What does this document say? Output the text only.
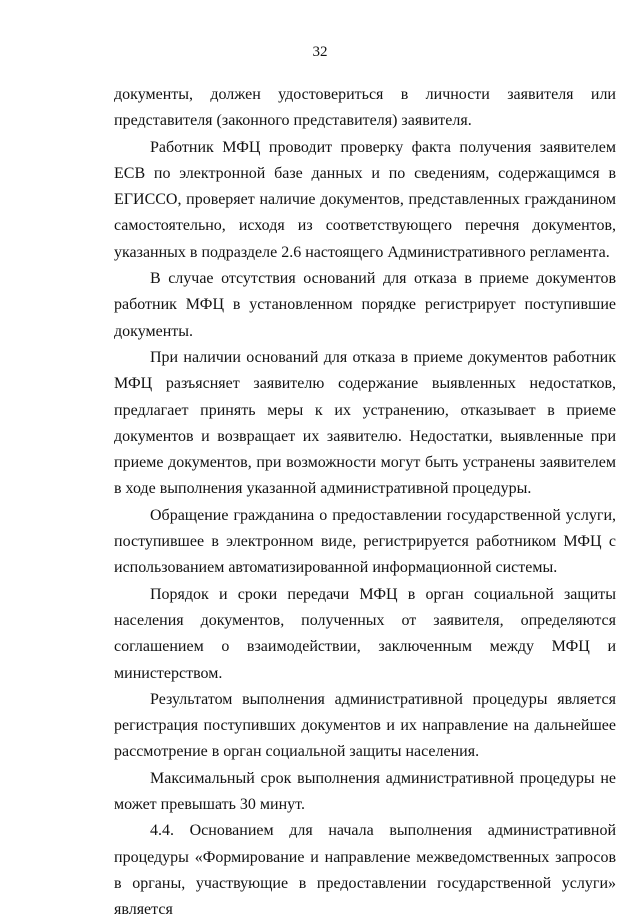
32

документы, должен удостовериться в личности заявителя или представителя (законного представителя) заявителя.

Работник МФЦ проводит проверку факта получения заявителем ЕСВ по электронной базе данных и по сведениям, содержащимся в ЕГИССО, проверяет наличие документов, представленных гражданином самостоятельно, исходя из соответствующего перечня документов, указанных в подразделе 2.6 настоящего Административного регламента.

В случае отсутствия оснований для отказа в приеме документов работник МФЦ в установленном порядке регистрирует поступившие документы.

При наличии оснований для отказа в приеме документов работник МФЦ разъясняет заявителю содержание выявленных недостатков, предлагает принять меры к их устранению, отказывает в приеме документов и возвращает их заявителю. Недостатки, выявленные при приеме документов, при возможности могут быть устранены заявителем в ходе выполнения указанной административной процедуры.

Обращение гражданина о предоставлении государственной услуги, поступившее в электронном виде, регистрируется работником МФЦ с использованием автоматизированной информационной системы.

Порядок и сроки передачи МФЦ в орган социальной защиты населения документов, полученных от заявителя, определяются соглашением о взаимодействии, заключенным между МФЦ и министерством.

Результатом выполнения административной процедуры является регистрация поступивших документов и их направление на дальнейшее рассмотрение в орган социальной защиты населения.

Максимальный срок выполнения административной процедуры не может превышать 30 минут.

4.4. Основанием для начала выполнения административной процедуры «Формирование и направление межведомственных запросов в органы, участвующие в предоставлении государственной услуги» является
